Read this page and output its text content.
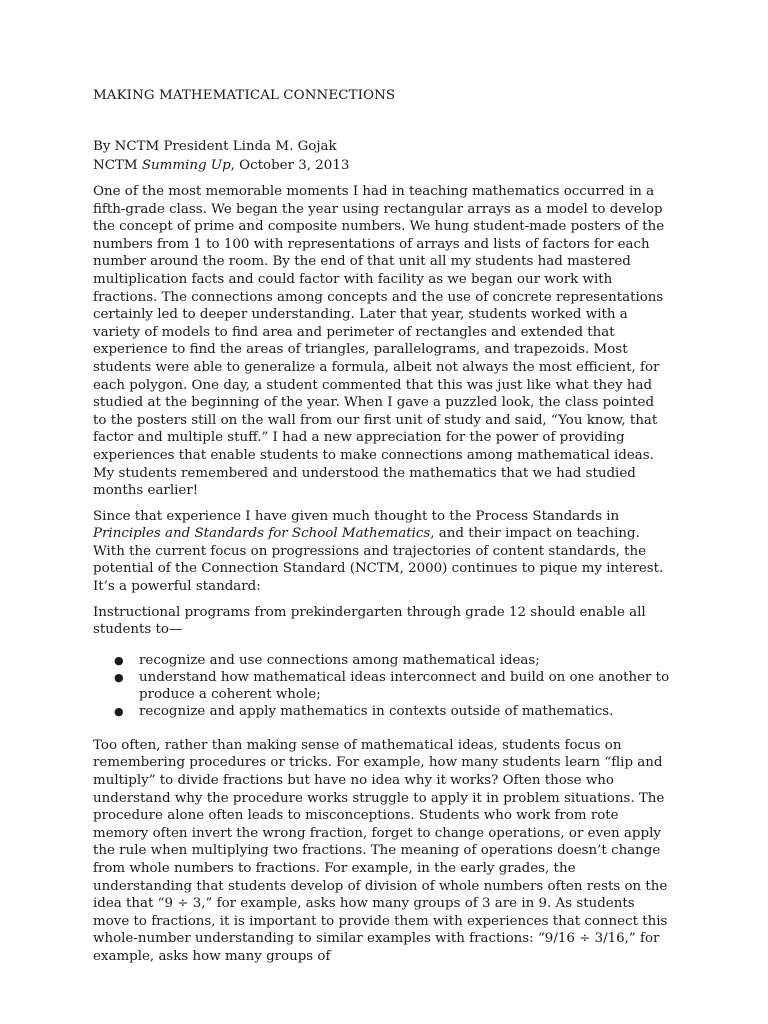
MAKING MATHEMATICAL CONNECTIONS

By NCTM President Linda M. Gojak
NCTM Summing Up, October 3, 2013

One of the most memorable moments I had in teaching mathematics occurred in a fifth-grade class. We began the year using rectangular arrays as a model to develop the concept of prime and composite numbers. We hung student-made posters of the numbers from 1 to 100 with representations of arrays and lists of factors for each number around the room. By the end of that unit all my students had mastered multiplication facts and could factor with facility as we began our work with fractions. The connections among concepts and the use of concrete representations certainly led to deeper understanding. Later that year, students worked with a variety of models to find area and perimeter of rectangles and extended that experience to find the areas of triangles, parallelograms, and trapezoids. Most students were able to generalize a formula, albeit not always the most efficient, for each polygon. One day, a student commented that this was just like what they had studied at the beginning of the year. When I gave a puzzled look, the class pointed to the posters still on the wall from our first unit of study and said, “You know, that factor and multiple stuff.” I had a new appreciation for the power of providing experiences that enable students to make connections among mathematical ideas. My students remembered and understood the mathematics that we had studied months earlier!

Since that experience I have given much thought to the Process Standards in Principles and Standards for School Mathematics, and their impact on teaching. With the current focus on progressions and trajectories of content standards, the potential of the Connection Standard (NCTM, 2000) continues to pique my interest. It’s a powerful standard:

Instructional programs from prekindergarten through grade 12 should enable all students to—

● recognize and use connections among mathematical ideas;
● understand how mathematical ideas interconnect and build on one another to produce a coherent whole;
● recognize and apply mathematics in contexts outside of mathematics.

Too often, rather than making sense of mathematical ideas, students focus on remembering procedures or tricks. For example, how many students learn “flip and multiply” to divide fractions but have no idea why it works? Often those who understand why the procedure works struggle to apply it in problem situations. The procedure alone often leads to misconceptions. Students who work from rote memory often invert the wrong fraction, forget to change operations, or even apply the rule when multiplying two fractions. The meaning of operations doesn’t change from whole numbers to fractions. For example, in the early grades, the understanding that students develop of division of whole numbers often rests on the idea that “9 ÷ 3,” for example, asks how many groups of 3 are in 9. As students move to fractions, it is important to provide them with experiences that connect this whole-number understanding to similar examples with fractions: “9/16 ÷ 3/16,” for example, asks how many groups of
